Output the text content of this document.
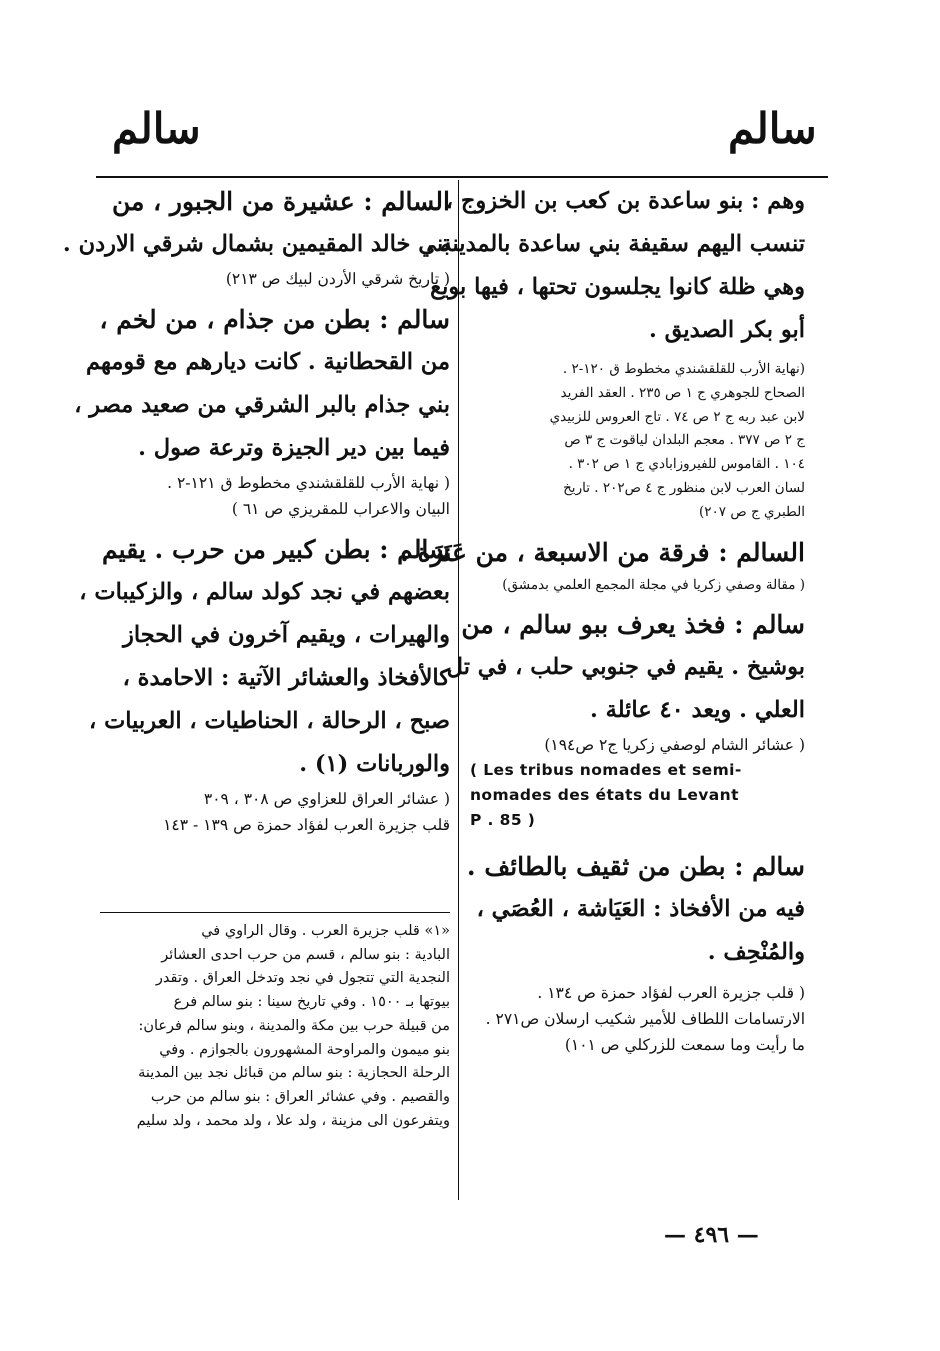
سالم
سالم
وهم : بنو ساعدة بن كعب بن الخزوج ،
تنسب اليهم سقيفة بني ساعدة بالمدينة ،
وهي ظلة كانوا يجلسون تحتها ، فيها بويع
أبو بكر الصديق .
(نهاية الأرب للقلقشندي مخطوط ق ١٢٠-٢ .
الصحاح للجوهري ج ١ ص ٢٣٥ . العقد الفريد
لابن عبد ربه ج ٢ ص ٧٤ . تاج العروس للزبيدي
ج ٢ ص ٣٧٧ . معجم البلدان لياقوت ج ٣ ص
١٠٤ . القاموس للفيروزابادي ج ١ ص ٣٠٢ .
لسان العرب لابن منظور ج ٤ ص٢٠٢ . تاريخ
الطبري ج ص ٢٠٧)
السالم : فرقة من الاسبعة ، من عَنَزَة .
( مقالة وصفي زكريا في مجلة المجمع العلمي بدمشق)
سالم : فخذ يعرف ببو سالم ، من
بوشيخ . يقيم في جنوبي حلب ، في تل
العلي . ويعد ٤٠ عائلة .
( عشائر الشام لوصفي زكريا ج٢ ص١٩٤)
( Les tribus nomades et semi-
nomades des états du Levant
P . 85 )
سالم : بطن من ثقيف بالطائف .
فيه من الأفخاذ : العَيَاشة ، العُصَي ،
والمُنْحِف .
( قلب جزيرة العرب لفؤاد حمزة ص ١٣٤ .
الارتسامات اللطاف للأمير شكيب ارسلان ص٢٧١ .
ما رأيت وما سمعت للزركلي ص ١٠١)
السالم : عشيرة من الجبور ، من
بني خالد المقيمين بشمال شرقي الاردن .
( تاريخ شرقي الأردن لبيك ص ٢١٣)
سالم : بطن من جذام ، من لخم ،
من القحطانية . كانت ديارهم مع قومهم
بني جذام بالبر الشرقي من صعيد مصر ،
فيما بين دير الجيزة وترعة صول .
( نهاية الأرب للقلقشندي مخطوط ق ١٢١-٢ .
البيان والاعراب للمقريزي ص ٦١ )
سالم : بطن كبير من حرب . يقيم
بعضهم في نجد كولد سالم ، والزكيبات ،
والهيرات ، ويقيم آخرون في الحجاز
كالأفخاذ والعشائر الآتية : الاحامدة ،
صبح ، الرحالة ، الحناطيات ، العربيات ،
والوربانات (١) .
( عشائر العراق للعزاوي ص ٣٠٨ ، ٣٠٩
قلب جزيرة العرب لفؤاد حمزة ص ١٣٩ - ١٤٣
«١» قلب جزيرة العرب . وقال الراوي في
البادية : بنو سالم ، قسم من حرب احدى العشائر
النجدية التي تتجول في نجد وتدخل العراق . وتقدر
بيوتها بـ ١٥٠٠ . وفي تاريخ سينا : بنو سالم فرع
من قبيلة حرب بين مكة والمدينة ، وبنو سالم فرعان:
بنو ميمون والمراوحة المشهورون بالجوازم . وفي
الرحلة الحجازية : بنو سالم من قبائل نجد بين المدينة
والقصيم . وفي عشائر العراق : بنو سالم من حرب
ويتفرعون الى مزينة ، ولد علا ، ولد محمد ، ولد سليم
— ٤٩٦ —
